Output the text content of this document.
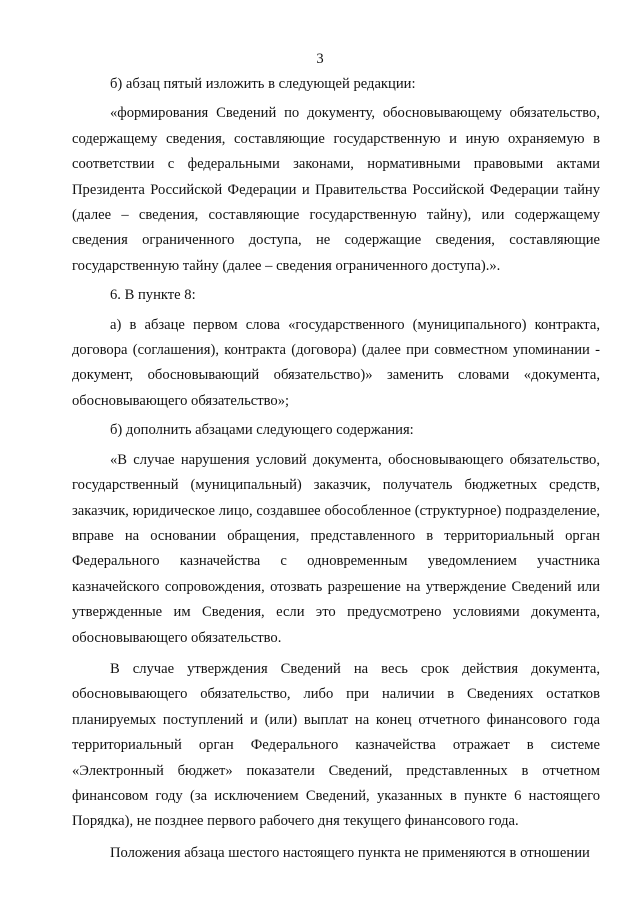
3

б) абзац пятый изложить в следующей редакции:

«формирования Сведений по документу, обосновывающему обязательство, содержащему сведения, составляющие государственную и иную охраняемую в соответствии с федеральными законами, нормативными правовыми актами Президента Российской Федерации и Правительства Российской Федерации тайну (далее – сведения, составляющие государственную тайну), или содержащему сведения ограниченного доступа, не содержащие сведения, составляющие государственную тайну (далее – сведения ограниченного доступа).».

6. В пункте 8:

а) в абзаце первом слова «государственного (муниципального) контракта, договора (соглашения), контракта (договора) (далее при совместном упоминании - документ, обосновывающий обязательство)» заменить словами «документа, обосновывающего обязательство»;

б) дополнить абзацами следующего содержания:

«В случае нарушения условий документа, обосновывающего обязательство, государственный (муниципальный) заказчик, получатель бюджетных средств, заказчик, юридическое лицо, создавшее обособленное (структурное) подразделение, вправе на основании обращения, представленного в территориальный орган Федерального казначейства с одновременным уведомлением участника казначейского сопровождения, отозвать разрешение на утверждение Сведений или утвержденные им Сведения, если это предусмотрено условиями документа, обосновывающего обязательство.

В случае утверждения Сведений на весь срок действия документа, обосновывающего обязательство, либо при наличии в Сведениях остатков планируемых поступлений и (или) выплат на конец отчетного финансового года территориальный орган Федерального казначейства отражает в системе «Электронный бюджет» показатели Сведений, представленных в отчетном финансовом году (за исключением Сведений, указанных в пункте 6 настоящего Порядка), не позднее первого рабочего дня текущего финансового года.

Положения абзаца шестого настоящего пункта не применяются в отношении
